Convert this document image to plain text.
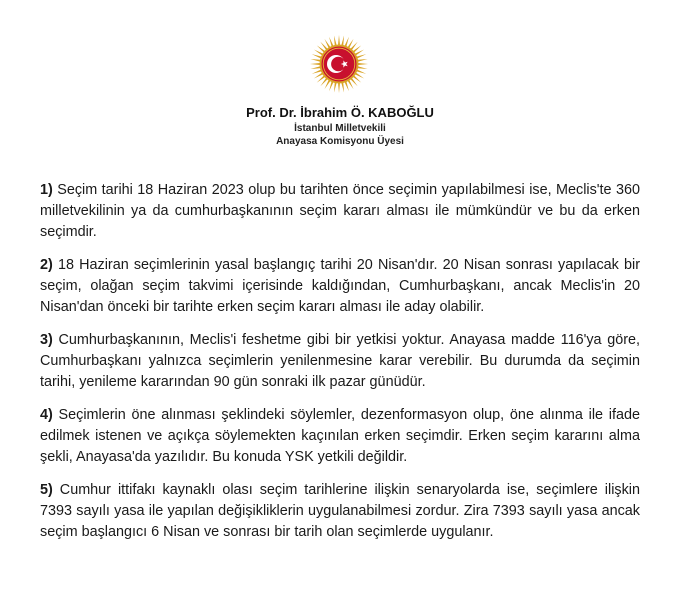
Prof. Dr. İbrahim Ö. KABOĞLU
İstanbul Milletvekili
Anayasa Komisyonu Üyesi

1) Seçim tarihi 18 Haziran 2023 olup bu tarihten önce seçimin yapılabilmesi ise, Meclis'te 360 milletvekilinin ya da cumhurbaşkanının seçim kararı alması ile mümkündür ve bu da erken seçimdir.

2) 18 Haziran seçimlerinin yasal başlangıç tarihi 20 Nisan'dır. 20 Nisan sonrası yapılacak bir seçim, olağan seçim takvimi içerisinde kaldığından, Cumhurbaşkanı, ancak Meclis'in 20 Nisan'dan önceki bir tarihte erken seçim kararı alması ile aday olabilir.

3) Cumhurbaşkanının, Meclis'i feshetme gibi bir yetkisi yoktur. Anayasa madde 116'ya göre, Cumhurbaşkanı yalnızca seçimlerin yenilenmesine karar verebilir. Bu durumda da seçimin tarihi, yenileme kararından 90 gün sonraki ilk pazar günüdür.

4) Seçimlerin öne alınması şeklindeki söylemler, dezenformasyon olup, öne alınma ile ifade edilmek istenen ve açıkça söylemekten kaçınılan erken seçimdir. Erken seçim kararını alma şekli, Anayasa'da yazılıdır. Bu konuda YSK yetkili değildir.

5) Cumhur ittifakı kaynaklı olası seçim tarihlerine ilişkin senaryolarda ise, seçimlere ilişkin 7393 sayılı yasa ile yapılan değişikliklerin uygulanabilmesi zordur. Zira 7393 sayılı yasa ancak seçim başlangıcı 6 Nisan ve sonrası bir tarih olan seçimlerde uygulanır.
